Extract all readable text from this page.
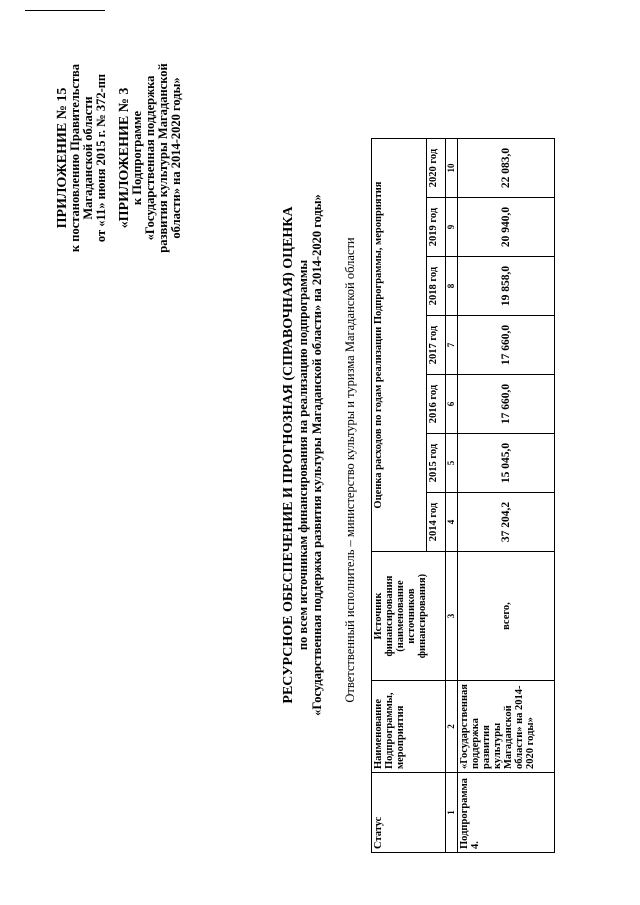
ПРИЛОЖЕНИЕ № 15
к постановлению Правительства Магаданской области от «11» июня 2015 г. № 372-пп «ПРИЛОЖЕНИЕ № 3
к Подпрограмме «Государственная поддержка развития культуры Магаданской области» на 2014-2020 годы»
РЕСУРСНОЕ ОБЕСПЕЧЕНИЕ И ПРОГНОЗНАЯ (СПРАВОЧНАЯ) ОЦЕНКА по всем источникам финансирования на реализацию подпрограммы «Государственная поддержка развития культуры Магаданской области» на 2014-2020 годы» Ответственный исполнитель – министерство культуры и туризма Магаданской области
Статус	Наименование Подпрограммы, мероприятия	Источник финансирования (наименование источников финансирования)	Оценка расходов по годам реализации Подпрограммы, мероприятия						
			2014 год	2015 год	2016 год	2017 год	2018 год	2019 год	2020 год
1	2	3	4	5	6	7	8	9	10
Подпрограмма 4.	«Государственная поддержка развития культуры Магаданской области» на 2014-2020 годы»	всего,	37 204,2	15 045,0	17 660,0	17 660,0	19 858,0	20 940,0	22 083,0
